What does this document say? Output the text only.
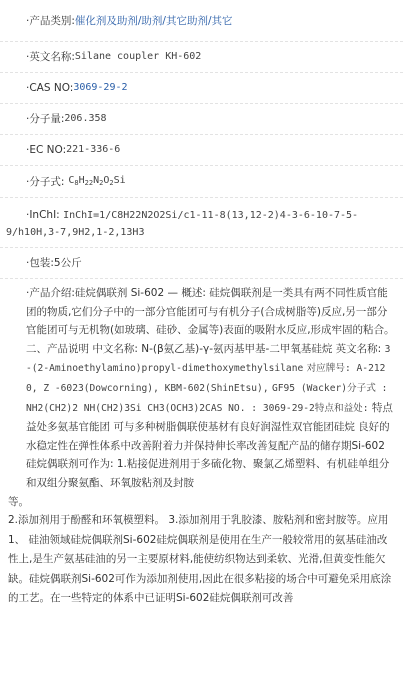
·产品类别: 催化剂及助剂/助剂/其它助剂/其它
·英文名称: Silane coupler KH-602
·CAS NO: 3069-29-2
·分子量: 206.358
·EC NO: 221-336-6
·分子式: $C_8H_{22}N_2O_2Si$
·InChI: InChI=1/C8H22N2O2Si/c1-11-8(13,12-2)4-3-6-10-7-5-
9/h10H,3-7,9H2,1-2,13H3
·包装: 5公斤
·产品介绍:硅烷偶联剂 Si-602 — 概述: 硅烷偶联剂是一类具有两不同性质官能团的物质,它们分子中的一部分官能团可与有机分子(合成树脂等)反应,另一部分官能团可与无机物(如玻璃、硅砂、金属等)表面的吸附水反应,形成牢固的粘合。 二、产品说明 中文名称: N-(β氨乙基)-γ-氨丙基甲基-二甲氧基硅烷 英文名称: 3-(2-Aminoethylamino)propyl-dimethoxymethylsilane 对应牌号: A-2120, Z -6023(Dowcorning), KBM-602(ShinEtsu), GF95 (Wacker)分子式 : NH2(CH2)2 NH(CH2)3Si CH3(OCH3)2CAS NO. : 3069-29-2特点和益处: 特点 益处多氨基官能团 可与多种树脂偶联使基材有良好润湿性双官能团硅烷 良好的水稳定性在弹性体系中改善附着力并保持伸长率改善复配产品的储存期Si-602硅烷偶联剂可作为: 1.粘接促进剂用于多硫化物、聚氯乙烯塑料、有机硅单组分和双组分聚氨酯、环氧胺粘剂及封胺
等。
2.添加剂用于酚醛和环氧模塑料。 3.添加剂用于乳胶漆、胺粘剂和密封胺等。应用1、 硅油领域硅烷偶联剂Si-602硅烷偶联剂是使用在生产一般较常用的氨基硅油改性上,是生产氨基硅油的另一主要原材料,能使纺织物达到柔软、光滑,但黄变性能欠缺。硅烷偶联剂Si-602可作为添加剂使用,因此在很多粘接的场合中可避免采用底涂的工艺。在一些特定的体系中已证明Si-602硅烷偶联剂可改善
